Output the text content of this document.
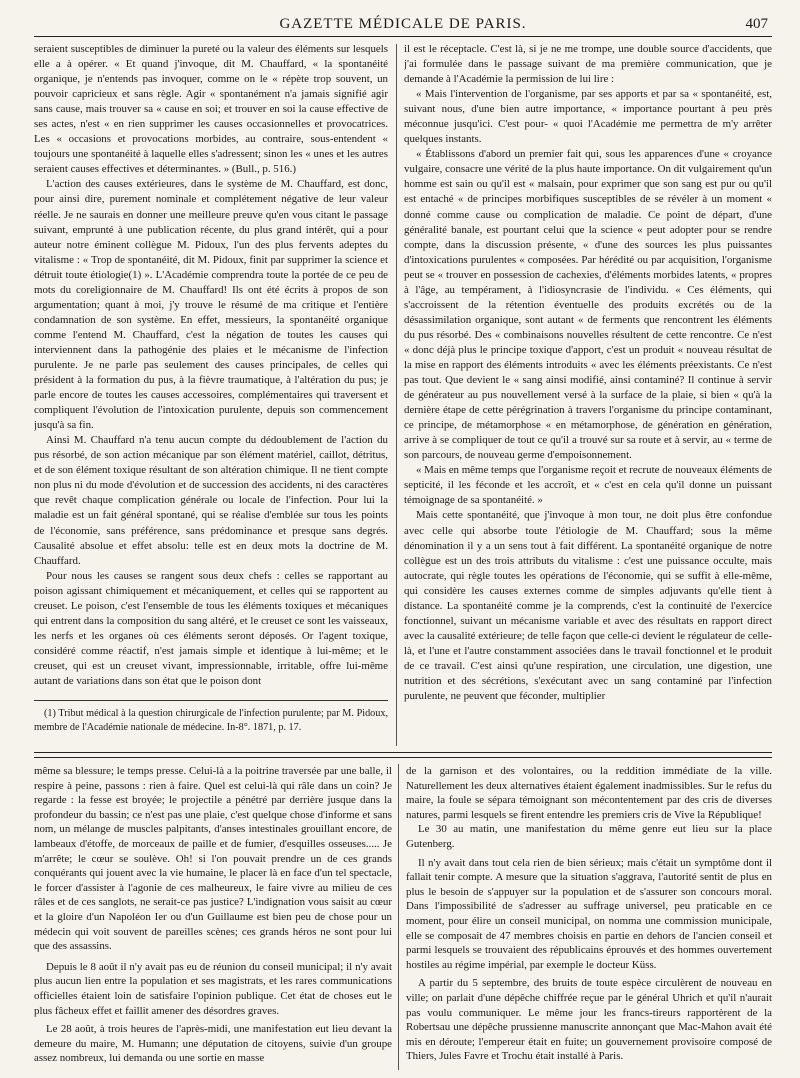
GAZETTE MÉDICALE DE PARIS.	407

seraient susceptibles de diminuer la pureté ou la valeur des éléments sur lesquels elle a à opérer. « Et quand j'invoque, dit M. Chauffard, « la spontanéité organique, je n'entends pas invoquer, comme on le « répète trop souvent, un pouvoir capricieux et sans règle. Agir « spontanément n'a jamais signifié agir sans cause, mais trouver sa « cause en soi; et trouver en soi la cause effective de ses actes, n'est « en rien supprimer les causes occasionnelles et provocatrices. Les « occasions et provocations morbides, au contraire, sous-entendent « toujours une spontanéité à laquelle elles s'adressent; sinon les « unes et les autres seraient causes effectives et déterminantes. » (Bull., p. 516.)

L'action des causes extérieures, dans le système de M. Chauffard, est donc, pour ainsi dire, purement nominale et complétement négative de leur valeur réelle. Je ne saurais en donner une meilleure preuve qu'en vous citant le passage suivant, emprunté à une publication récente, du plus grand intérêt, qui a pour auteur notre éminent collègue M. Pidoux, l'un des plus fervents adeptes du vitalisme : « Trop de spontanéité, dit M. Pidoux, finit par supprimer la science et détruit toute étiologie(1) ». L'Académie comprendra toute la portée de ce peu de mots du coreligionnaire de M. Chauffard! Ils ont été écrits à propos de son argumentation; quant à moi, j'y trouve le résumé de ma critique et l'entière condamnation de son système. En effet, messieurs, la spontanéité organique comme l'entend M. Chauffard, c'est la négation de toutes les causes qui interviennent dans la pathogénie des plaies et le mécanisme de l'infection purulente. Je ne parle pas seulement des causes principales, de celles qui président à la formation du pus, à la fièvre traumatique, à l'altération du pus; je parle encore de toutes les causes accessoires, complémentaires qui traversent et compliquent l'évolution de l'intoxication purulente, depuis son commencement jusqu'à sa fin.

Ainsi M. Chauffard n'a tenu aucun compte du dédoublement de l'action du pus résorbé, de son action mécanique par son élément matériel, caillot, détritus, et de son élément toxique résultant de son altération chimique. Il ne tient compte non plus ni du mode d'évolution et de succession des accidents, ni des caractères que revêt chaque complication générale ou locale de l'infection. Pour lui la maladie est un fait général spontané, qui se réalise d'emblée sur tous les points de l'économie, sans préférence, sans prédominance et presque sans degrés. Causalité absolue et effet absolu: telle est en deux mots la doctrine de M. Chauffard.

Pour nous les causes se rangent sous deux chefs : celles se rapportant au poison agissant chimiquement et mécaniquement, et celles qui se rapportent au creuset. Le poison, c'est l'ensemble de tous les éléments toxiques et mécaniques qui entrent dans la composition du sang altéré, et le creuset ce sont les vaisseaux, les nerfs et les organes où ces éléments seront déposés. Or l'agent toxique, considéré comme réactif, n'est jamais simple et identique à lui-même; et le creuset, qui est un creuset vivant, impressionnable, irritable, offre lui-même autant de variations dans son état que le poison dont

(1) Tribut médical à la question chirurgicale de l'infection purulente; par M. Pidoux, membre de l'Académie nationale de médecine. In-8°. 1871, p. 17.

il est le réceptacle. C'est là, si je ne me trompe, une double source d'accidents, que j'ai formulée dans le passage suivant de ma première communication, que je demande à l'Académie la permission de lui lire :

« Mais l'intervention de l'organisme, par ses apports et par sa « spontanéité, est, suivant nous, d'une bien autre importance, « importance pourtant à peu près méconnue jusqu'ici. C'est pour- « quoi l'Académie me permettra de m'y arrêter quelques instants.

« Établissons d'abord un premier fait qui, sous les apparences d'une « croyance vulgaire, consacre une vérité de la plus haute importance. On dit vulgairement qu'un homme est sain ou qu'il est « malsain, pour exprimer que son sang est pur ou qu'il est entaché « de principes morbifiques susceptibles de se révéler à un moment « donné comme cause ou complication de maladie. Ce point de départ, d'une généralité banale, est pourtant celui que la science « peut adopter pour se rendre compte, dans la discussion présente, « d'une des sources les plus puissantes d'intoxications purulentes « composées. Par hérédité ou par acquisition, l'organisme peut se « trouver en possession de cachexies, d'éléments morbides latents, « propres à l'âge, au tempérament, à l'idiosyncrasie de l'individu. « Ces éléments, qui s'accroissent de la rétention éventuelle des produits excrétés ou de la désassimilation organique, sont autant « de ferments que rencontrent les éléments du pus résorbé. Des « combinaisons nouvelles résultent de cette rencontre. Ce n'est « donc déjà plus le principe toxique d'apport, c'est un produit « nouveau résultat de la mise en rapport des éléments introduits « avec les éléments préexistants. Ce n'est pas tout. Que devient le « sang ainsi modifié, ainsi contaminé? Il continue à servir de générateur au pus nouvellement versé à la surface de la plaie, si bien « qu'à la dernière étape de cette pérégrination à travers l'organisme du principe contaminant, ce principe, de métamorphose « en métamorphose, de génération en génération, arrive à se compliquer de tout ce qu'il a trouvé sur sa route et à servir, au « terme de son parcours, de nouveau germe d'empoisonnement.

« Mais en même temps que l'organisme reçoit et recrute de nouveaux éléments de septicité, il les féconde et les accroît, et « c'est en cela qu'il donne un puissant témoignage de sa spontanéité. »

Mais cette spontanéité, que j'invoque à mon tour, ne doit plus être confondue avec celle qui absorbe toute l'étiologie de M. Chauffard; sous la même dénomination il y a un sens tout à fait différent. La spontanéité organique de notre collègue est un des trois attributs du vitalisme : c'est une puissance occulte, mais autocrate, qui règle toutes les opérations de l'économie, qui se suffit à elle-même, qui considère les causes externes comme de simples adjuvants qu'elle tient à distance. La spontanéité comme je la comprends, c'est la continuité de l'exercice fonctionnel, suivant un mécanisme variable et avec des résultats en rapport direct avec la causalité extérieure; de telle façon que celle-ci devient le régulateur de celle-là, et l'une et l'autre constamment associées dans le travail fonctionnel et le produit de ce travail. C'est ainsi qu'une respiration, une circulation, une digestion, une nutrition et des sécrétions, s'exécutant avec un sang contaminé par l'infection purulente, ne peuvent que féconder, multiplier

même sa blessure; le temps presse. Celui-là a la poitrine traversée par une balle, il respire à peine, passons : rien à faire. Quel est celui-là qui râle dans un coin? Je regarde : la fesse est broyée; le projectile a pénétré par derrière jusque dans la profondeur du bassin; ce n'est pas une plaie, c'est quelque chose d'informe et sans nom, un mélange de muscles palpitants, d'anses intestinales grouillant encore, de lambeaux d'étoffe, de morceaux de paille et de fumier, d'esquilles osseuses..... Je m'arrête; le cœur se soulève. Oh! si l'on pouvait prendre un de ces grands conquérants qui jouent avec la vie humaine, le placer là en face d'un tel spectacle, le forcer d'assister à l'agonie de ces malheureux, le faire vivre au milieu de ces râles et de ces sanglots, ne serait-ce pas justice? L'indignation vous saisit au cœur et la gloire d'un Napoléon Ier ou d'un Guillaume est bien peu de chose pour un médecin qui voit souvent de pareilles scènes; ces grands héros ne sont pour lui que des assassins.

Depuis le 8 août il n'y avait pas eu de réunion du conseil municipal; il n'y avait plus aucun lien entre la population et ses magistrats, et les rares communications officielles étaient loin de satisfaire l'opinion publique. Cet état de choses eut le plus fâcheux effet et faillit amener des désordres graves.

Le 28 août, à trois heures de l'après-midi, une manifestation eut lieu devant la demeure du maire, M. Humann; une députation de citoyens, suivie d'un groupe assez nombreux, lui demanda ou une sortie en masse

de la garnison et des volontaires, ou la reddition immédiate de la ville. Naturellement les deux alternatives étaient également inadmissibles. Sur le refus du maire, la foule se sépara témoignant son mécontentement par des cris de diverses natures, parmi lesquels se firent entendre les premiers cris de Vive la République!

Le 30 au matin, une manifestation du même genre eut lieu sur la place Gutenberg.

Il n'y avait dans tout cela rien de bien sérieux; mais c'était un symptôme dont il fallait tenir compte. A mesure que la situation s'aggrava, l'autorité sentit de plus en plus le besoin de s'appuyer sur la population et de s'assurer son concours moral. Dans l'impossibilité de s'adresser au suffrage universel, peu praticable en ce moment, pour élire un conseil municipal, on nomma une commission municipale, elle se composait de 47 membres choisis en partie en dehors de l'ancien conseil et parmi lesquels se trouvaient des républicains éprouvés et des hommes ouvertement hostiles au régime impérial, par exemple le docteur Küss.

A partir du 5 septembre, des bruits de toute espèce circulèrent de nouveau en ville; on parlait d'une dépêche chiffrée reçue par le général Uhrich et qu'il n'aurait pas voulu communiquer. Le même jour les francs-tireurs rapportèrent de la Robertsau une dépêche prussienne manuscrite annonçant que Mac-Mahon avait été mis en déroute; l'empereur était en fuite; un gouvernement provisoire composé de Thiers, Jules Favre et Trochu était installé à Paris.
